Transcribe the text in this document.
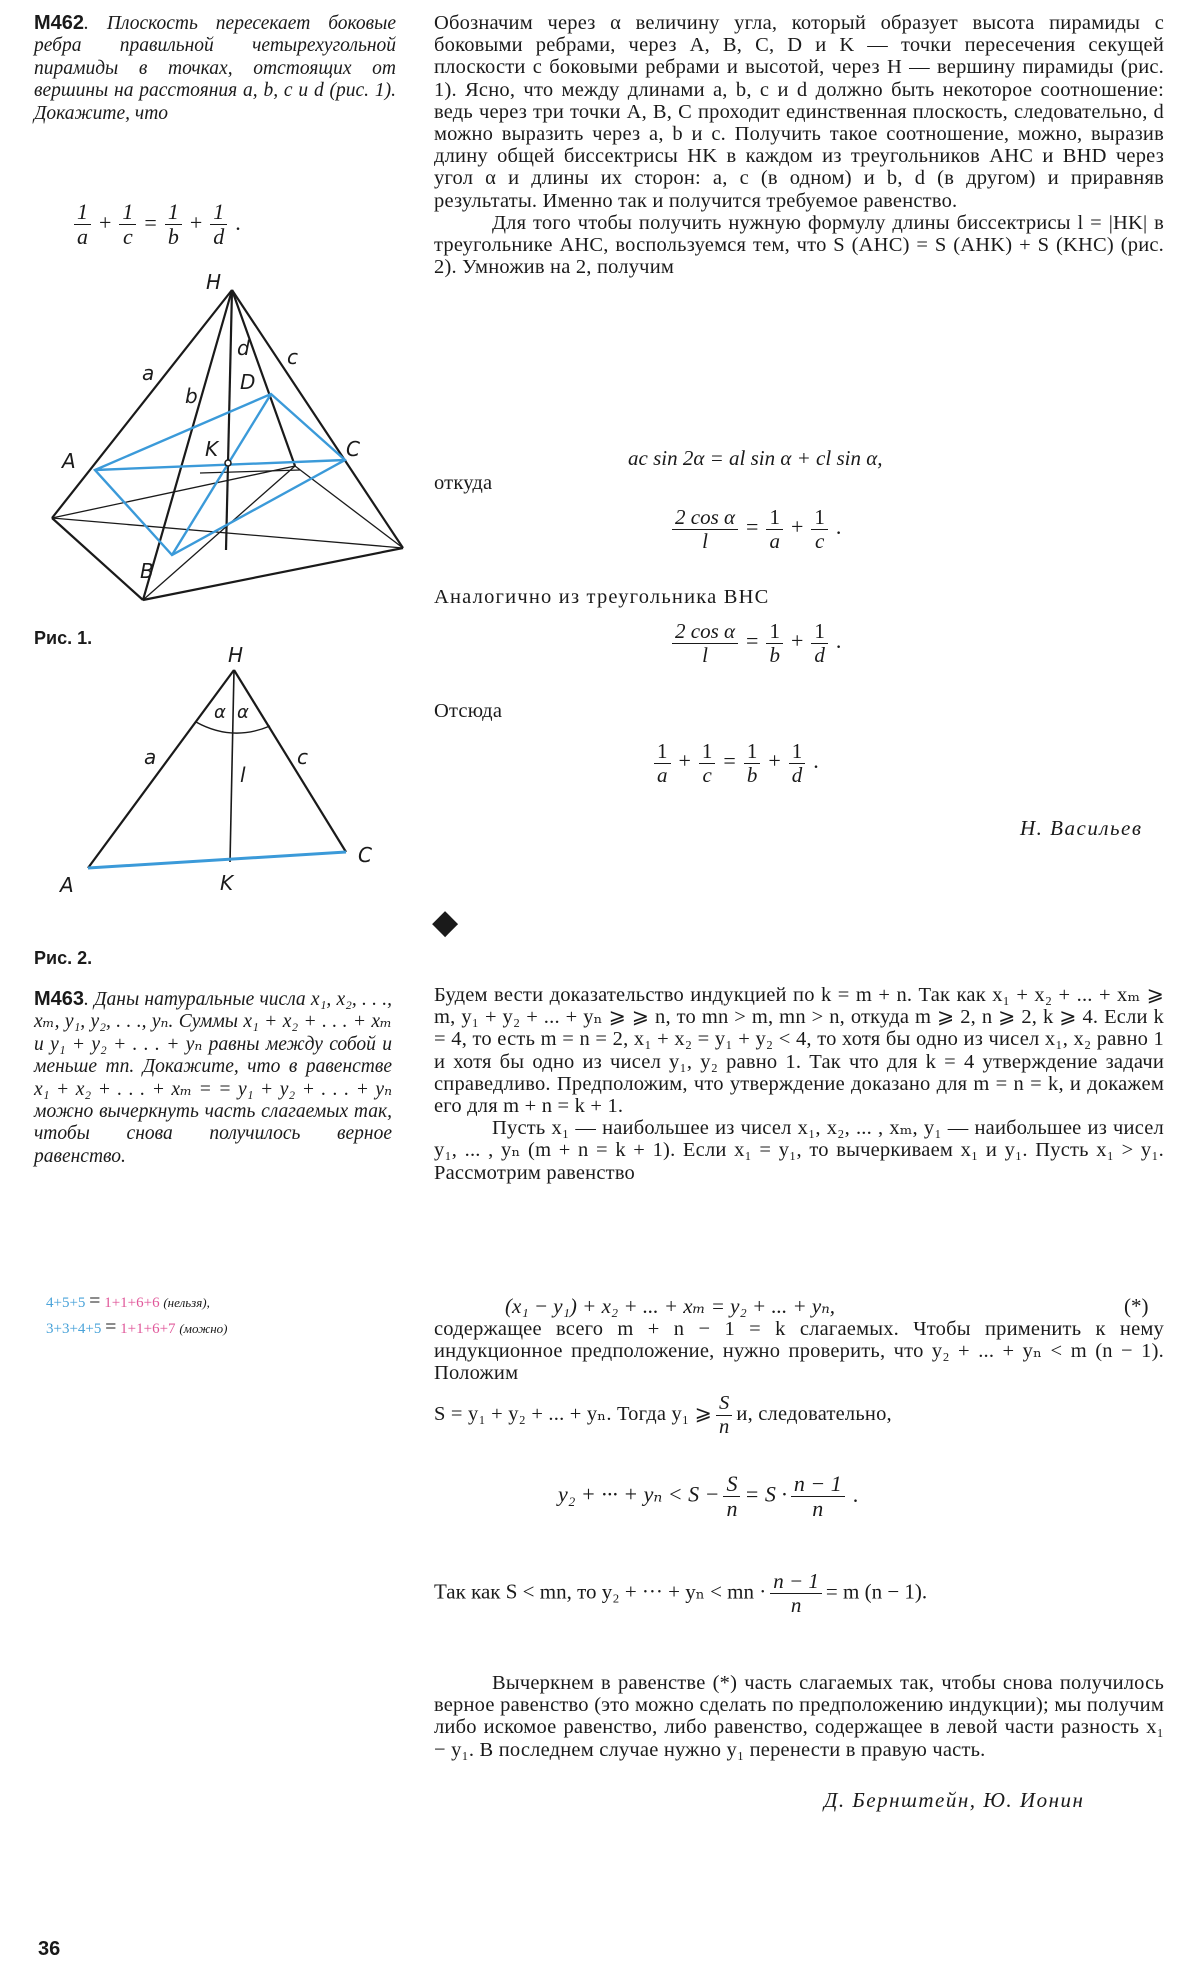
М462. Плоскость пересекает боковые ребра правильной четырехугольной пирамиды в точках, отстоящих от вершины на расстояния a, b, c и d (рис. 1). Докажите, что
$\frac{1}{a} + \frac{1}{c} = \frac{1}{b} + \frac{1}{d}$ .
H
a
b
c
d
D
K
A	C
B
Рис. 1.
H
α α
a	c
l
A
C
K
Рис. 2.
М463. Даны натуральные числа x₁, x₂, . . ., xₘ, y₁, y₂, . . ., yₙ. Суммы x₁ + x₂ + . . . + xₘ и y₁ + y₂ + . . . + yₙ равны между собой и меньше mn. Докажите, что в равенстве x₁ + x₂ + . . . + xₘ = = y₁ + y₂ + . . . + yₙ можно вычеркнуть часть слагаемых так, чтобы снова получилось верное равенство.
4+5+5 = 1+1+6+6 (нельзя),
3+3+4+5 = 1+1+6+7 (можно)

Обозначим через α величину угла, который образует высота пирамиды с боковыми ребрами, через A, B, C, D и K — точки пересечения секущей плоскости с боковыми ребрами и высотой, через H — вершину пирамиды (рис. 1). Ясно, что между длинами a, b, c и d должно быть некоторое соотношение: ведь через три точки A, B, C проходит единственная плоскость, следовательно, d можно выразить через a, b и c. Получить такое соотношение, можно, выразив длину общей биссектрисы HK в каждом из треугольников AHC и BHD через угол α и длины их сторон: a, c (в одном) и b, d (в другом) и приравняв результаты. Именно так и получится требуемое равенство.

Для того чтобы получить нужную формулу длины биссектрисы l = |HK| в треугольнике AHC, воспользуемся тем, что S (AHC) = S (AHK) + S (KHC) (рис. 2). Умножив на 2, получим

ac sin 2α = al sin α + cl sin α,
откуда
$\frac{\text{2 cos α}}{l} = \frac{1}{a} + \frac{1}{c}$ .
Аналогично из треугольника BHC
$\frac{\text{2 cos α}}{l} = \frac{1}{b} + \frac{1}{d}$ .
Отсюда
$\frac{1}{a} + \frac{1}{c} = \frac{1}{b} + \frac{1}{d}$ .
Н. Васильев
◆

Будем вести доказательство индукцией по k = m + n. Так как x₁ + x₂ + ... + xₘ ⩾ m, y₁ + y₂ + ... + yₙ ⩾ ⩾ n, то mn > m, mn > n, откуда m ⩾ 2, n ⩾ 2, k ⩾ 4. Если k = 4, то есть m = n = 2, x₁ + x₂ = y₁ + y₂ < 4, то хотя бы одно из чисел x₁, x₂ равно 1 и хотя бы одно из чисел y₁, y₂ равно 1. Так что для k = 4 утверждение задачи справедливо. Предположим, что утверждение доказано для m = n = k, и докажем его для m + n = k + 1.

Пусть x₁ — наибольшее из чисел x₁, x₂, ... , xₘ, y₁ — наибольшее из чисел y₁, ... , yₙ (m + n = k + 1). Если x₁ = y₁, то вычеркиваем x₁ и y₁. Пусть x₁ > y₁. Рассмотрим равенство

(x₁ − y₁) + x₂ + ... + xₘ = y₂ + ... + yₙ,	(*)

содержащее всего m + n − 1 = k слагаемых. Чтобы применить к нему индукционное предположение, нужно проверить, что y₂ + ... + yₙ < m (n − 1). Положим

S = y₁ + y₂ + ... + yₙ. Тогда y₁ ⩾ $\frac{S}{n} и$, следовательно,
y₂ + ··· + $y_n < S - \frac{S}{n} = S \cdot \frac{n - 1}{n}$ .
Так как S < mn, то y₂ + ··· + yₙ < mn · $\frac{n - 1}{n} = m$ (n − 1).

Вычеркнем в равенстве (*) часть слагаемых так, чтобы снова получилось верное равенство (это можно сделать по предположению индукции); мы получим либо искомое равенство, либо равенство, содержащее в левой части разность x₁ − y₁. В последнем случае нужно y₁ перенести в правую часть.

Д. Бернштейн, Ю. Ионин
36
